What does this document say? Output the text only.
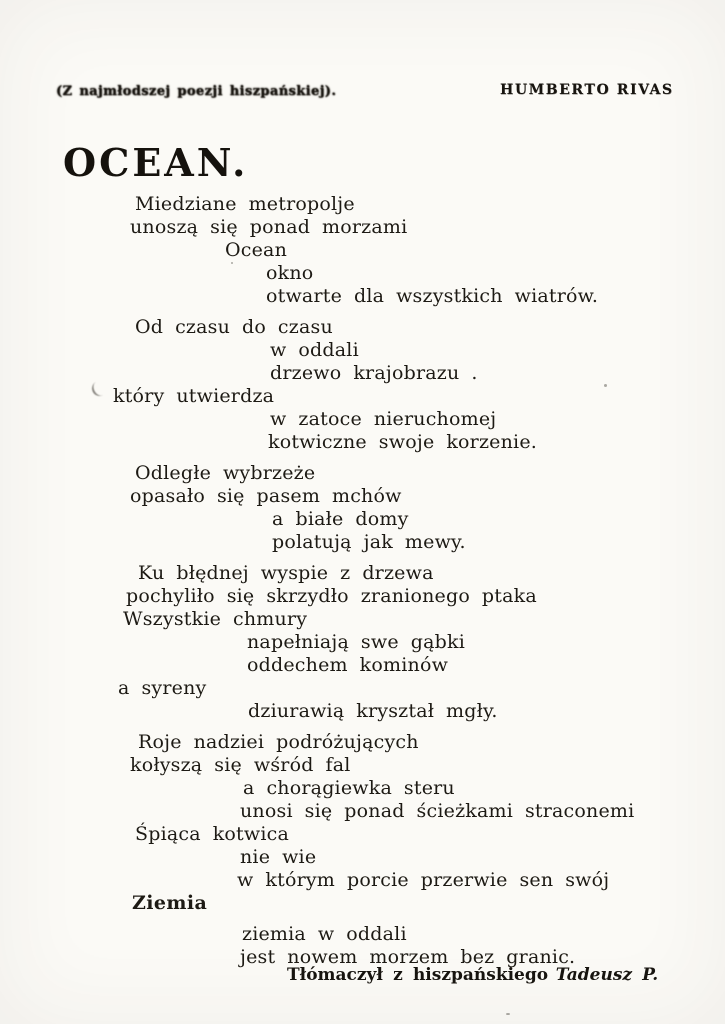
(Z najmłodszej poezji hiszpańskiej).	HUMBERTO RIVAS
OCEAN.
Miedziane metropolje
unoszą się ponad morzami
Ocean
okno
otwarte dla wszystkich wiatrów.
Od czasu do czasu
w oddali
drzewo krajobrazu .
który utwierdza
w zatoce nieruchomej
kotwiczne swoje korzenie.
Odległe wybrzeże
opasało się pasem mchów
a białe domy
polatują jak mewy.
Ku błędnej wyspie z drzewa
pochyliło się skrzydło zranionego ptaka
Wszystkie chmury
napełniają swe gąbki
oddechem kominów
a syreny
dziurawią kryształ mgły.
Roje nadziei podróżujących
kołyszą się wśród fal
a chorągiewka steru
unosi się ponad ścieżkami straconemi
Śpiąca kotwica
nie wie
w którym porcie przerwie sen swój
Ziemia
ziemia w oddali
jest nowem morzem bez granic.
Tłómaczył z hiszpańskiego Tadeusz P.
